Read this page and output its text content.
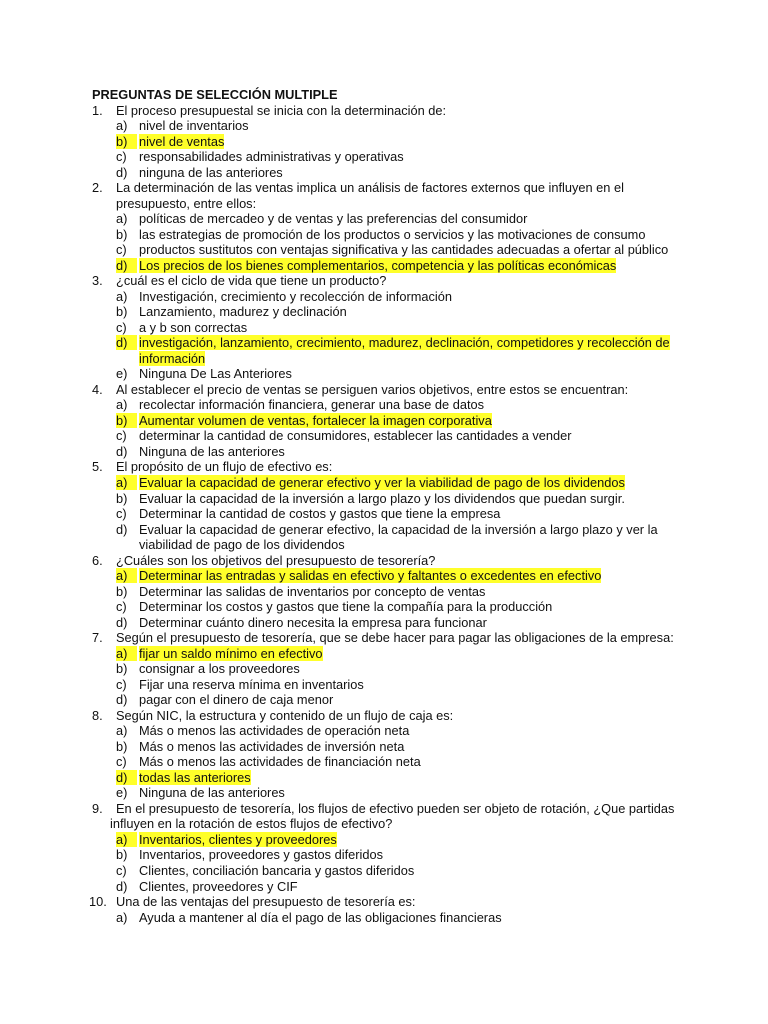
PREGUNTAS DE SELECCIÓN MULTIPLE
1. El proceso presupuestal se inicia con la determinación de:
a) nivel de inventarios
b) nivel de ventas
c) responsabilidades administrativas y operativas
d) ninguna de las anteriores
2. La determinación de las ventas implica un análisis de factores externos que influyen en el
presupuesto, entre ellos:
a) políticas de mercadeo y de ventas y las preferencias del consumidor
b) las estrategias de promoción de los productos o servicios y las motivaciones de consumo
c) productos sustitutos con ventajas significativa y las cantidades adecuadas a ofertar al público
d) Los precios de los bienes complementarios, competencia y las políticas económicas
3. ¿cuál es el ciclo de vida que tiene un producto?
a) Investigación, crecimiento y recolección de información
b) Lanzamiento, madurez y declinación
c) a y b son correctas
d) investigación, lanzamiento, crecimiento, madurez, declinación, competidores y recolección de
información
e) Ninguna De Las Anteriores
4. Al establecer el precio de ventas se persiguen varios objetivos, entre estos se encuentran:
a) recolectar información financiera, generar una base de datos
b) Aumentar volumen de ventas, fortalecer la imagen corporativa
c) determinar la cantidad de consumidores, establecer las cantidades a vender
d) Ninguna de las anteriores
5. El propósito de un flujo de efectivo es:
a) Evaluar la capacidad de generar efectivo y ver la viabilidad de pago de los dividendos
b) Evaluar la capacidad de la inversión a largo plazo y los dividendos que puedan surgir.
c) Determinar la cantidad de costos y gastos que tiene la empresa
d) Evaluar la capacidad de generar efectivo, la capacidad de la inversión a largo plazo y ver la
viabilidad de pago de los dividendos
6. ¿Cuáles son los objetivos del presupuesto de tesorería?
a) Determinar las entradas y salidas en efectivo y faltantes o excedentes en efectivo
b) Determinar las salidas de inventarios por concepto de ventas
c) Determinar los costos y gastos que tiene la compañía para la producción
d) Determinar cuánto dinero necesita la empresa para funcionar
7. Según el presupuesto de tesorería, que se debe hacer para pagar las obligaciones de la empresa:
a) fijar un saldo mínimo en efectivo
b) consignar a los proveedores
c) Fijar una reserva mínima en inventarios
d) pagar con el dinero de caja menor
8. Según NIC, la estructura y contenido de un flujo de caja es:
a) Más o menos las actividades de operación neta
b) Más o menos las actividades de inversión neta
c) Más o menos las actividades de financiación neta
d) todas las anteriores
e) Ninguna de las anteriores
9. En el presupuesto de tesorería, los flujos de efectivo pueden ser objeto de rotación, ¿Que partidas
influyen en la rotación de estos flujos de efectivo?
a) Inventarios, clientes y proveedores
b) Inventarios, proveedores y gastos diferidos
c) Clientes, conciliación bancaria y gastos diferidos
d) Clientes, proveedores y CIF
10. Una de las ventajas del presupuesto de tesorería es:
a) Ayuda a mantener al día el pago de las obligaciones financieras
